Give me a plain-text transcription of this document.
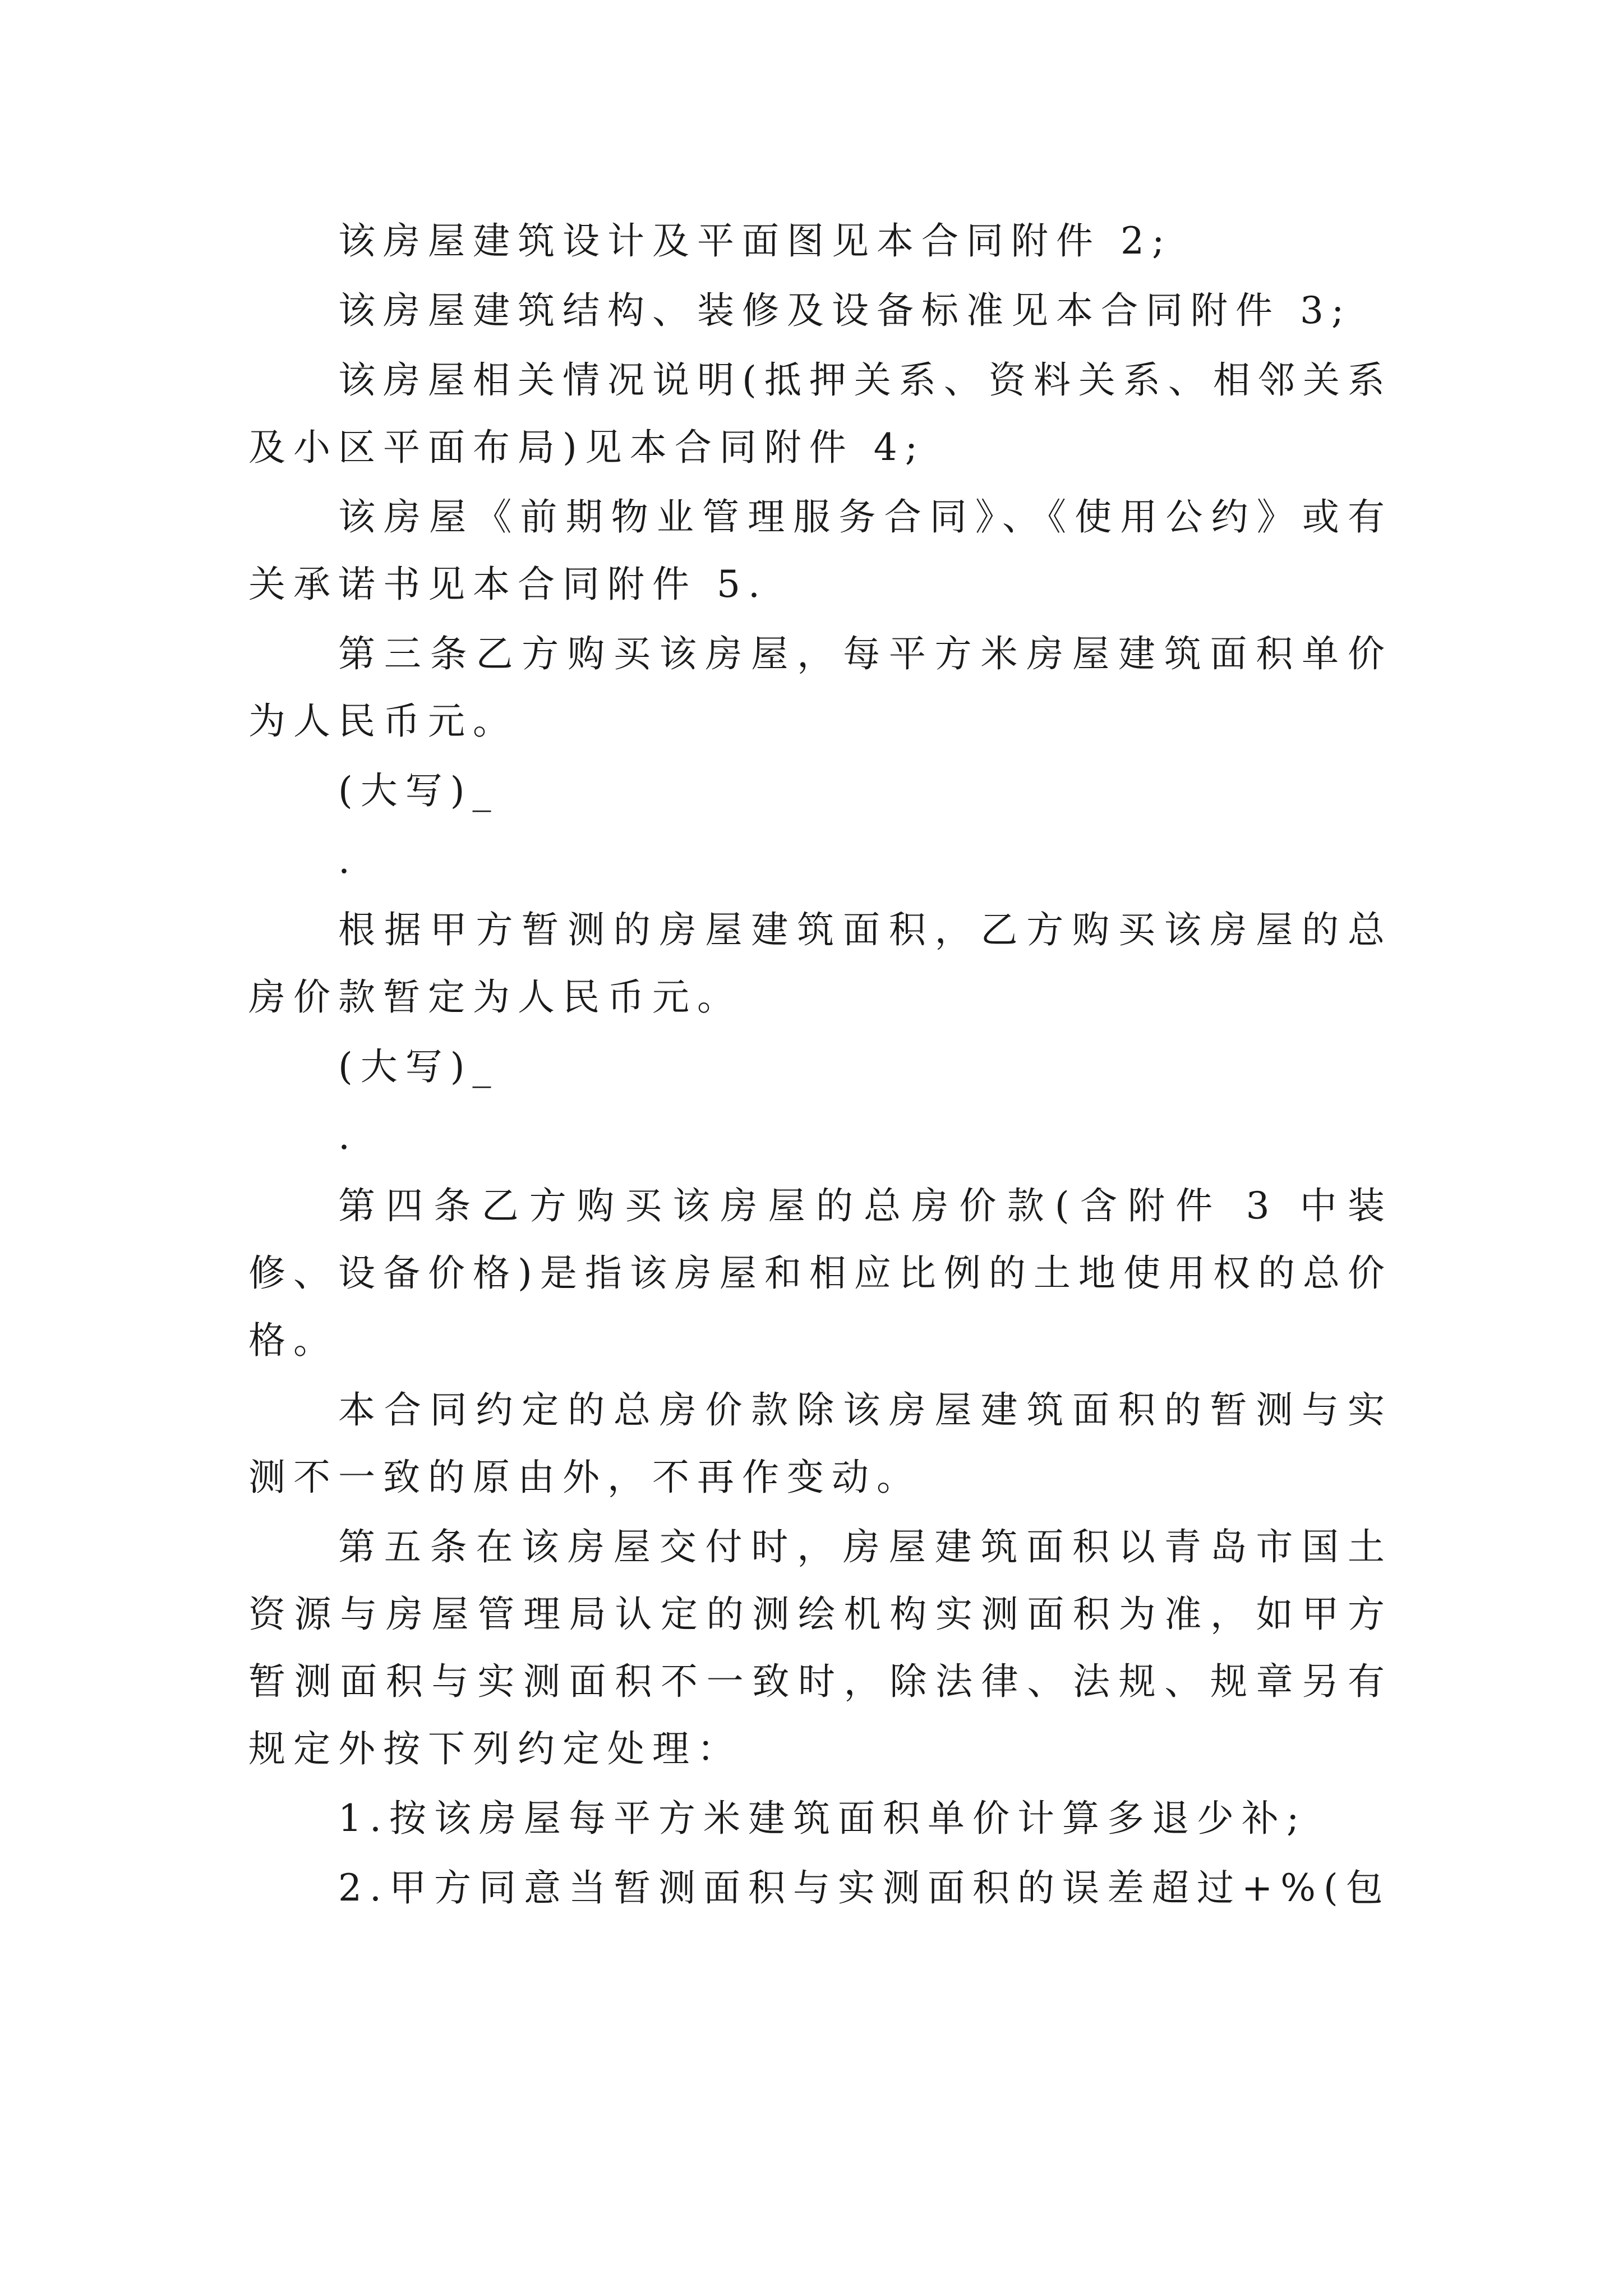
该房屋建筑设计及平面图见本合同附件 2;

该房屋建筑结构、装修及设备标准见本合同附件 3;

该房屋相关情况说明(抵押关系、资料关系、相邻关系及小区平面布局)见本合同附件 4;

该房屋《前期物业管理服务合同》、《使用公约》或有关承诺书见本合同附件 5.

第三条乙方购买该房屋，每平方米房屋建筑面积单价为人民币元。

(大写)_

.

根据甲方暂测的房屋建筑面积，乙方购买该房屋的总房价款暂定为人民币元。

(大写)_

.

第四条乙方购买该房屋的总房价款(含附件 3 中装修、设备价格)是指该房屋和相应比例的土地使用权的总价格。

本合同约定的总房价款除该房屋建筑面积的暂测与实测不一致的原由外，不再作变动。

第五条在该房屋交付时，房屋建筑面积以青岛市国土资源与房屋管理局认定的测绘机构实测面积为准，如甲方暂测面积与实测面积不一致时，除法律、法规、规章另有规定外按下列约定处理：

1.按该房屋每平方米建筑面积单价计算多退少补;

2.甲方同意当暂测面积与实测面积的误差超过+%(包
